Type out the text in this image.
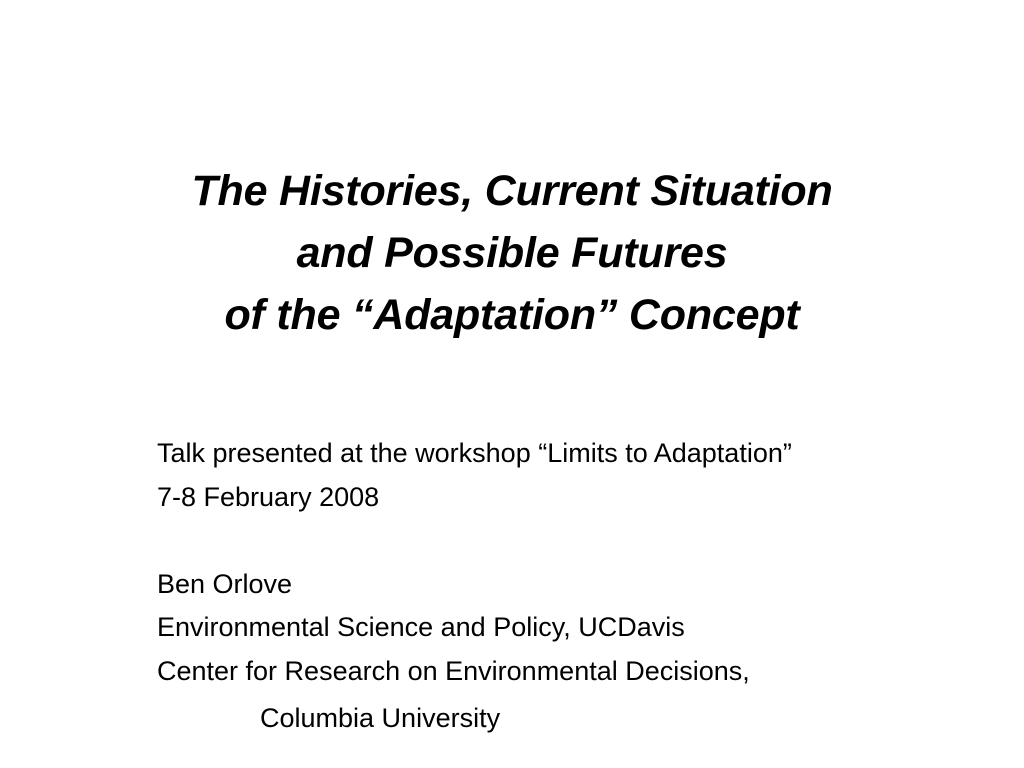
The Histories, Current Situation
and Possible Futures
of the “Adaptation” Concept
Talk presented at the workshop “Limits to Adaptation”
7-8 February 2008
Ben Orlove
Environmental Science and Policy, UCDavis
Center for Research on Environmental Decisions,
Columbia University
